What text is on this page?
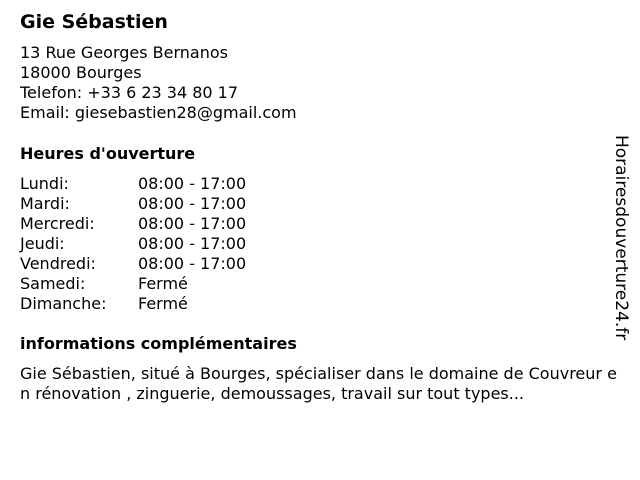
Gie Sébastien
13 Rue Georges Bernanos
18000 Bourges
Telefon: +33 6 23 34 80 17
Email: giesebastien28@gmail.com
Heures d'ouverture
Lundi:	08:00 - 17:00
Mardi:	08:00 - 17:00
Mercredi:	08:00 - 17:00
Jeudi:	08:00 - 17:00
Vendredi:	08:00 - 17:00
Samedi:	Fermé
Dimanche: Fermé
informations complémentaires

Gie Sébastien, situé à Bourges, spécialiser dans le domaine de Couvreur en rénovation , zinguerie, demoussages, travail sur tout types...

Horairesdouverture24.fr
